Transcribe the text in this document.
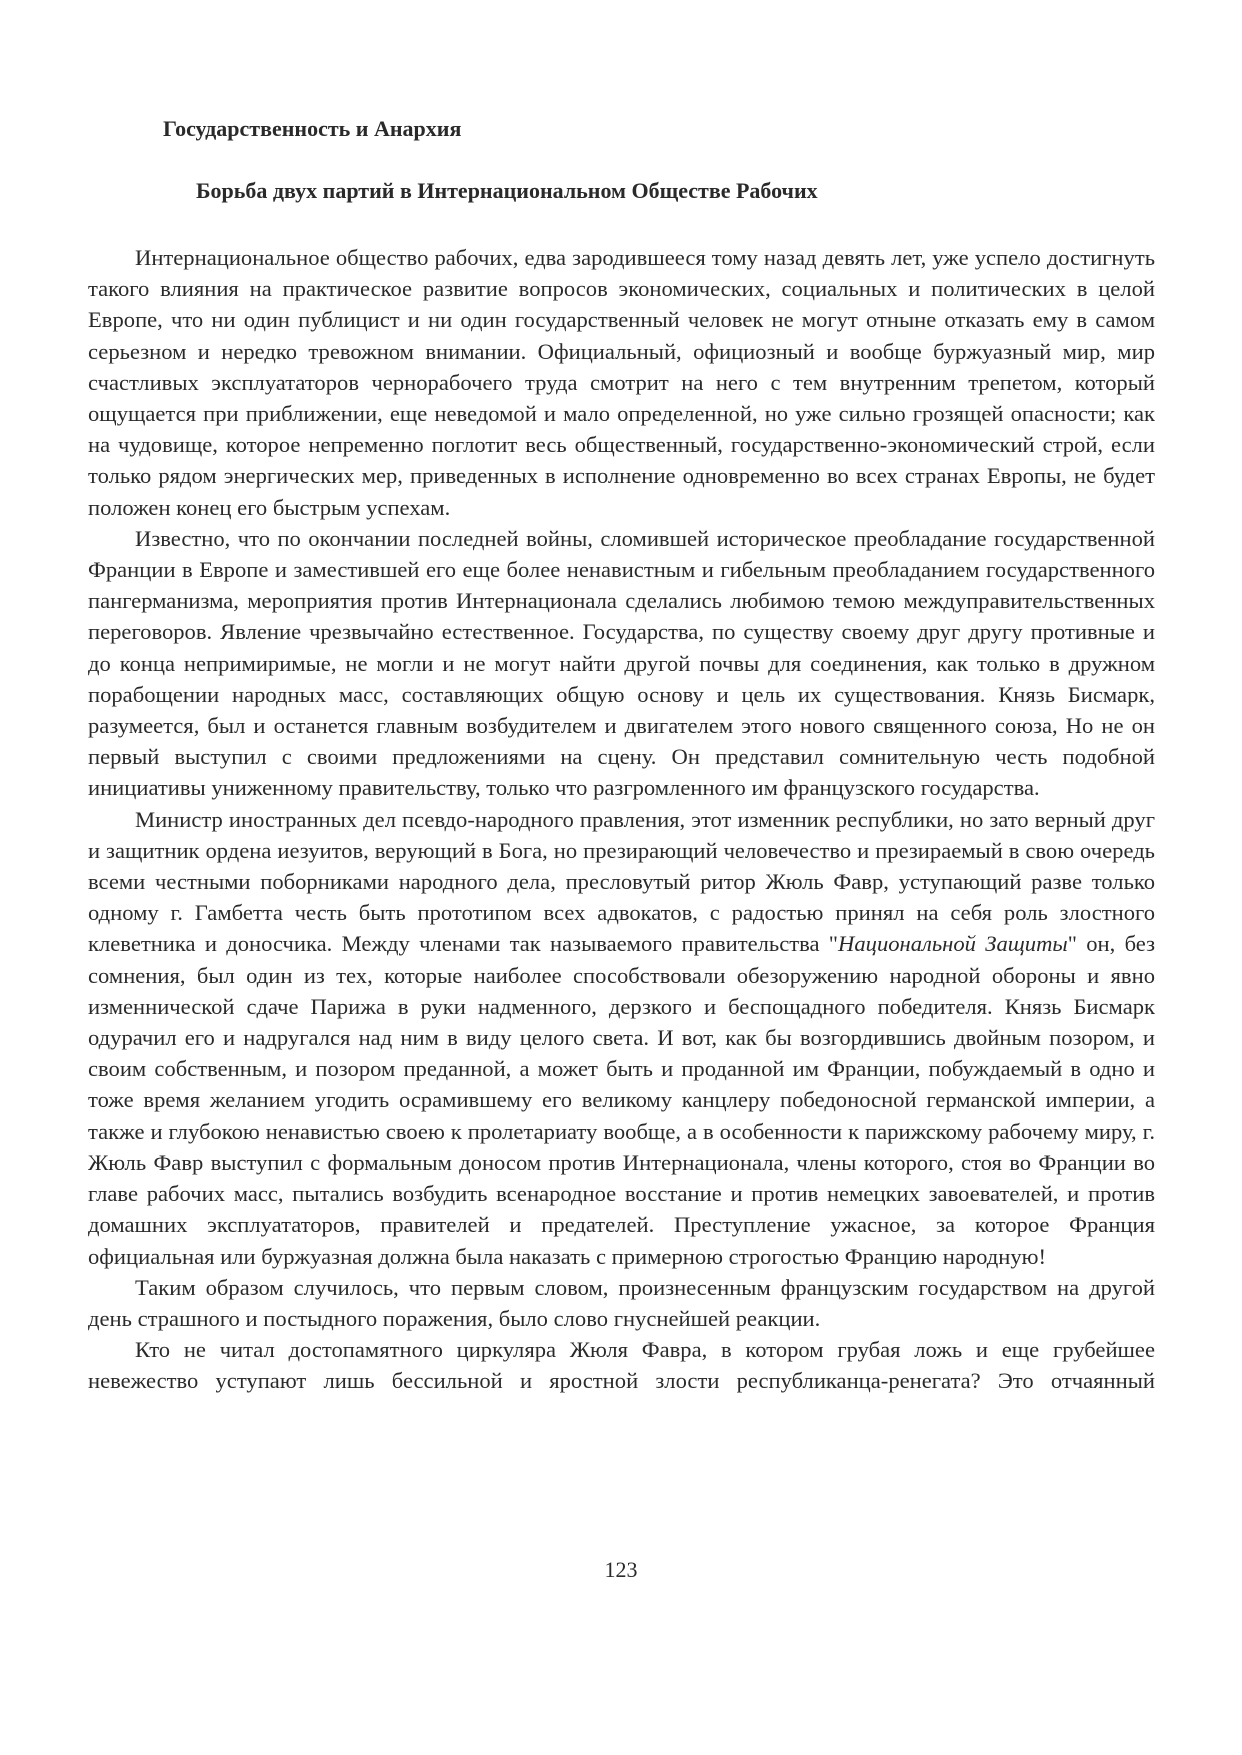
Государственность и Анархия
Борьба двух партий в Интернациональном Обществе Рабочих

Интернациональное общество рабочих, едва зародившееся тому назад девять лет, уже успело достигнуть такого влияния на практическое развитие вопросов экономических, социальных и политических в целой Европе, что ни один публицист и ни один государственный человек не могут отныне отказать ему в самом серьезном и нередко тревожном внимании. Официальный, официозный и вообще буржуазный мир, мир счастливых эксплуататоров чернорабочего труда смотрит на него с тем внутренним трепетом, который ощущается при приближении, еще неведомой и мало определенной, но уже сильно грозящей опасности; как на чудовище, которое непременно поглотит весь общественный, государственно-экономический строй, если только рядом энергических мер, приведенных в исполнение одновременно во всех странах Европы, не будет положен конец его быстрым успехам.

Известно, что по окончании последней войны, сломившей историческое преобладание государственной Франции в Европе и заместившей его еще более ненавистным и гибельным преобладанием государственного пангерманизма, мероприятия против Интернационала сделались любимою темою междуправительственных переговоров. Явление чрезвычайно естественное. Государства, по существу своему друг другу противные и до конца непримиримые, не могли и не могут найти другой почвы для соединения, как только в дружном порабощении народных масс, составляющих общую основу и цель их существования. Князь Бисмарк, разумеется, был и останется главным возбудителем и двигателем этого нового священного союза, Но не он первый выступил с своими предложениями на сцену. Он представил сомнительную честь подобной инициативы униженному правительству, только что разгромленного им французского государства.

Министр иностранных дел псевдо-народного правления, этот изменник республики, но зато верный друг и защитник ордена иезуитов, верующий в Бога, но презирающий человечество и презираемый в свою очередь всеми честными поборниками народного дела, пресловутый ритор Жюль Фавр, уступающий разве только одному г. Гамбетта честь быть прототипом всех адвокатов, с радостью принял на себя роль злостного клеветника и доносчика. Между членами так называемого правительства "Национальной Защиты" он, без сомнения, был один из тех, которые наиболее способствовали обезоружению народной обороны и явно изменнической сдаче Парижа в руки надменного, дерзкого и беспощадного победителя. Князь Бисмарк одурачил его и надругался над ним в виду целого света. И вот, как бы возгордившись двойным позором, и своим собственным, и позором преданной, а может быть и проданной им Франции, побуждаемый в одно и тоже время желанием угодить осрамившему его великому канцлеру победоносной германской империи, а также и глубокою ненавистью своею к пролетариату вообще, а в особенности к парижскому рабочему миру, г. Жюль Фавр выступил с формальным доносом против Интернационала, члены которого, стоя во Франции во главе рабочих масс, пытались возбудить всенародное восстание и против немецких завоевателей, и против домашних эксплуататоров, правителей и предателей. Преступление ужасное, за которое Франция официальная или буржуазная должна была наказать с примерною строгостью Францию народную!

Таким образом случилось, что первым словом, произнесенным французским государством на другой день страшного и постыдного поражения, было слово гнуснейшей реакции.

Кто не читал достопамятного циркуляра Жюля Фавра, в котором грубая ложь и еще грубейшее невежество уступают лишь бессильной и яростной злости республиканца-ренегата? Это отчаянный

123
